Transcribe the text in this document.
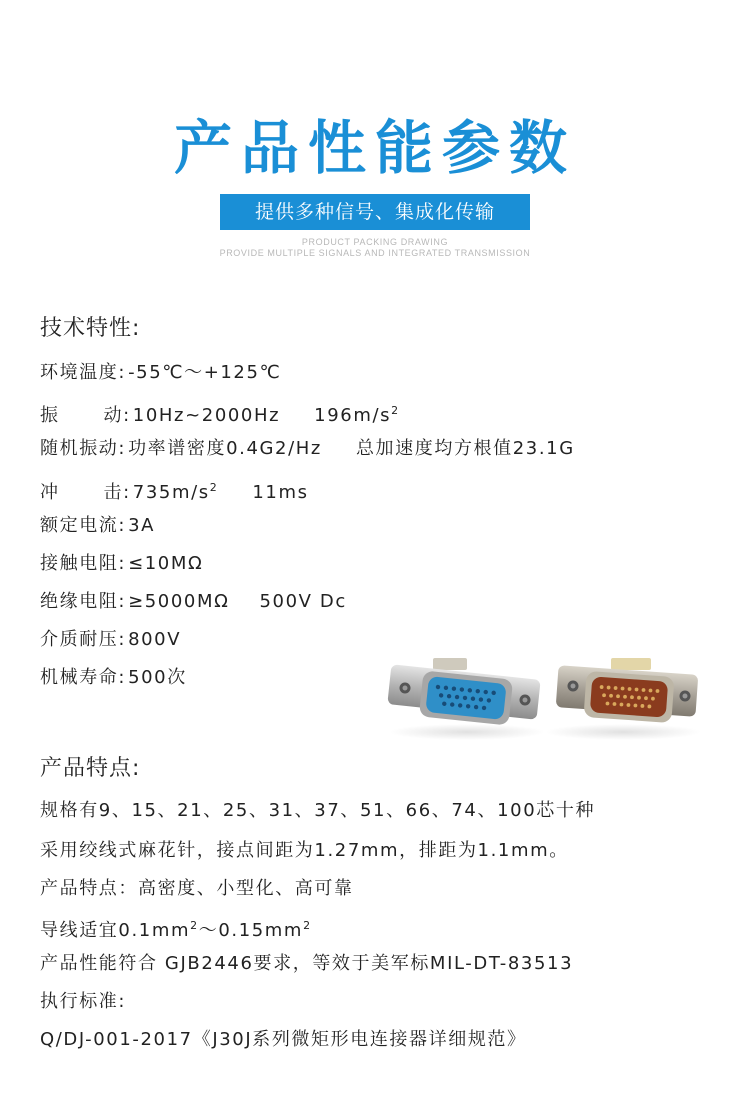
产品性能参数
提供多种信号、集成化传输
PRODUCT PACKING DRAWING
PROVIDE MULTIPLE SIGNALS AND INTEGRATED TRANSMISSION
技术特性:
环境温度: -55℃～+125℃
振      动: 10Hz~2000Hz $196m/s^2$
随机振动: 功率谱密度0.4G2/Hz 总加速度均方根值23.1G
冲      击: $735m/s^2$ 11ms
额定电流: 3A
接触电阻: ≤10MΩ
绝缘电阻: ≥5000MΩ 500V Dc
介质耐压: 800V
机械寿命: 500次
产品特点:
规格有9、15、21、25、31、37、51、66、74、100芯十种
采用绞线式麻花针，接点间距为1.27mm，排距为1.1mm。
产品特点：高密度、小型化、高可靠
导线适宜$0.1mm^2\sim 0.15mm^2$
产品性能符合 GJB2446要求，等效于美军标MIL-DT-83513
执行标准:
Q/DJ-001-2017《J30J系列微矩形电连接器详细规范》
